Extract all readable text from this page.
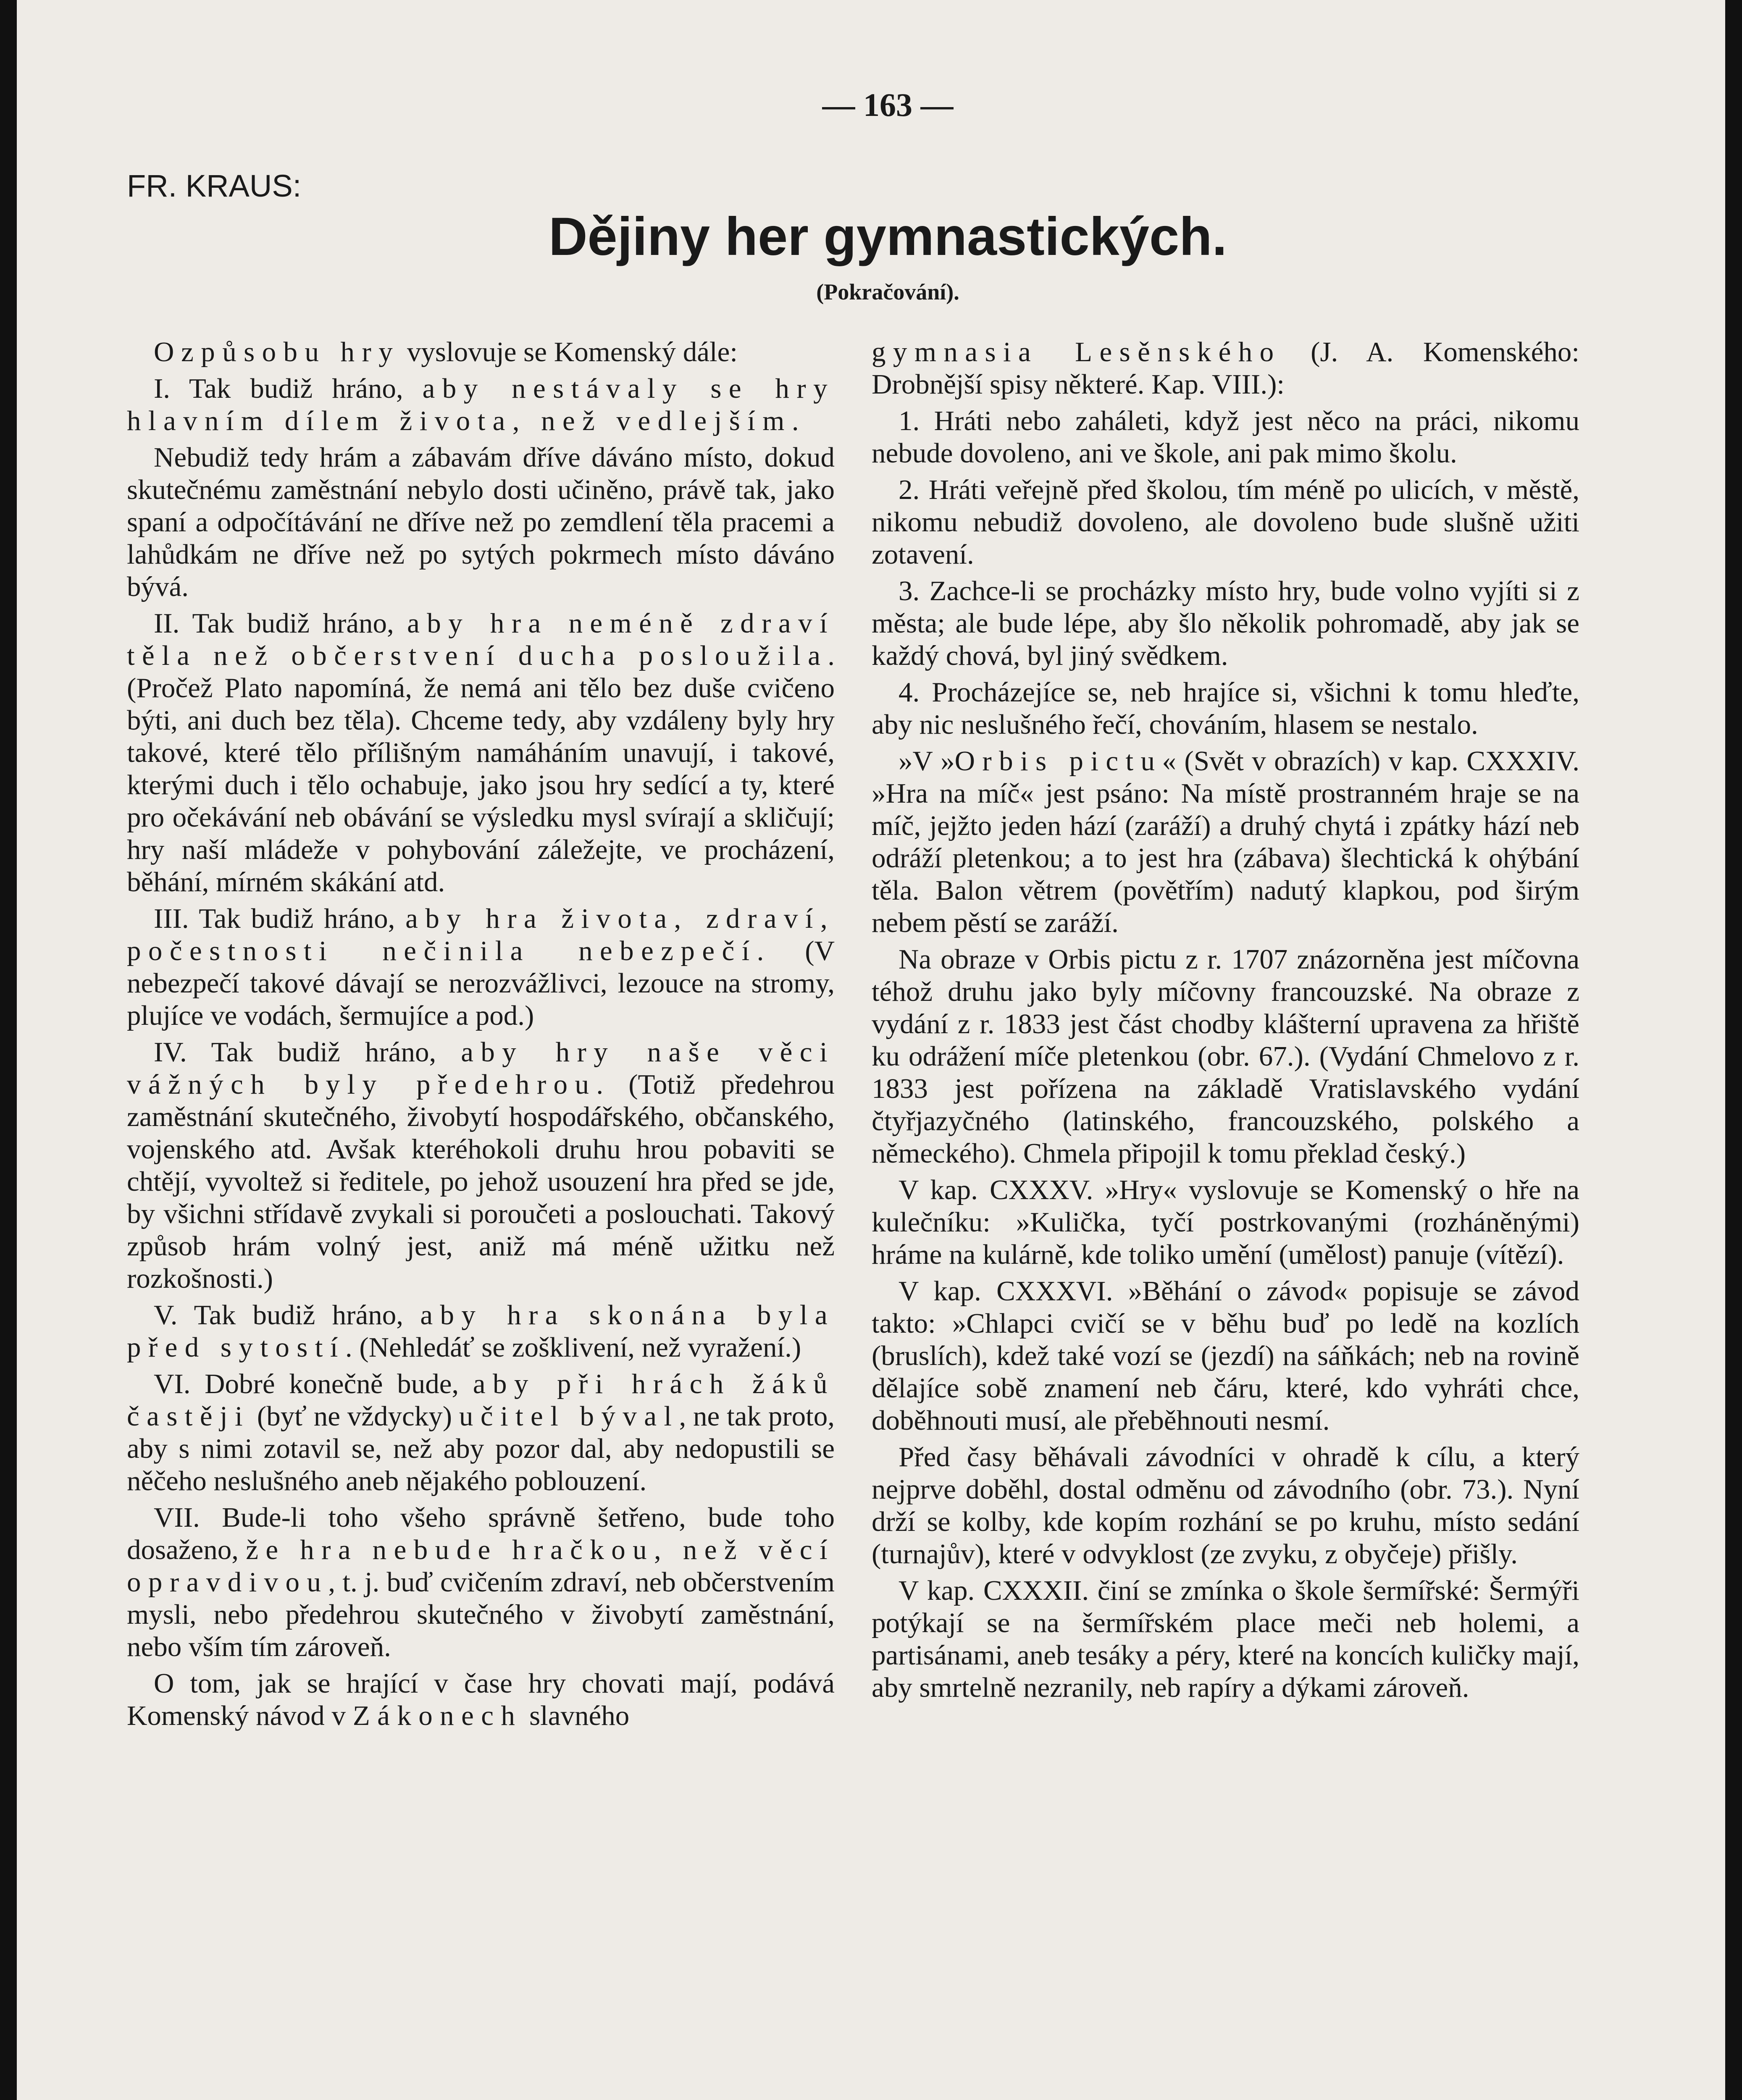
— 163 —
FR. KRAUS:
Dějiny her gymnastických.
(Pokračování).

O způsobu hry vyslovuje se Komenský dále:

I. Tak budiž hráno, aby nestávaly se hry hlavním dílem života, než vedlejším.

Nebudiž tedy hrám a zábavám dříve dáváno místo, dokud skutečnému zaměstnání nebylo dosti učiněno, právě tak, jako spaní a odpočítávání ne dříve než po zemdlení těla pracemi a lahůdkám ne dříve než po sytých pokrmech místo dáváno bývá.

II. Tak budiž hráno, aby hra neméně zdraví těla než občerstvení ducha posloužila. (Pročež Plato napomíná, že nemá ani tělo bez duše cvičeno býti, ani duch bez těla). Chceme tedy, aby vzdáleny byly hry takové, které tělo přílišným namáháním unavují, i takové, kterými duch i tělo ochabuje, jako jsou hry sedící a ty, které pro očekávání neb obávání se výsledku mysl svírají a skličují; hry naší mládeže v pohybování záležejte, ve procházení, běhání, mírném skákání atd.

III. Tak budiž hráno, aby hra života, zdraví, počestnosti nečinila nebezpečí. (V nebezpečí takové dávají se nerozvážlivci, lezouce na stromy, plujíce ve vodách, šermujíce a pod.)

IV. Tak budiž hráno, aby hry naše věci vážných byly předehrou. (Totiž předehrou zaměstnání skutečného, živobytí hospodářského, občanského, vojenského atd. Avšak kteréhokoli druhu hrou pobaviti se chtějí, vyvoltež si ředitele, po jehož usouzení hra před se jde, by všichni střídavě zvykali si poroučeti a poslouchati. Takový způsob hrám volný jest, aniž má méně užitku než rozkošnosti.)

V. Tak budiž hráno, aby hra skonána byla před sytostí. (Nehledáť se zošklivení, než vyražení.)

VI. Dobré konečně bude, aby při hrách žáků častěji (byť ne vždycky) učitel býval, ne tak proto, aby s nimi zotavil se, než aby pozor dal, aby nedopustili se něčeho neslušného aneb nějakého poblouzení.

VII. Bude-li toho všeho správně šetřeno, bude toho dosaženo, že hra nebude hračkou, než věcí opravdivou, t. j. buď cvičením zdraví, neb občerstvením mysli, nebo předehrou skutečného v živobytí zaměstnání, nebo vším tím zároveň.

O tom, jak se hrající v čase hry chovati mají, podává Komenský návod v Zákonech slavného

gymnasia Lesěnského (J. A. Komenského: Drobnější spisy některé. Kap. VIII.):

1. Hráti nebo zaháleti, když jest něco na práci, nikomu nebude dovoleno, ani ve škole, ani pak mimo školu.

2. Hráti veřejně před školou, tím méně po ulicích, v městě, nikomu nebudiž dovoleno, ale dovoleno bude slušně užiti zotavení.

3. Zachce-li se procházky místo hry, bude volno vyjíti si z města; ale bude lépe, aby šlo několik pohromadě, aby jak se každý chová, byl jiný svědkem.

4. Procházejíce se, neb hrajíce si, všichni k tomu hleďte, aby nic neslušného řečí, chováním, hlasem se nestalo.

»V »Orbis pictu« (Svět v obrazích) v kap. CXXXIV. »Hra na míč« jest psáno: Na místě prostranném hraje se na míč, jejžto jeden hází (zaráží) a druhý chytá i zpátky hází neb odráží pletenkou; a to jest hra (zábava) šlechtická k ohýbání těla. Balon větrem (povětřím) nadutý klapkou, pod širým nebem pěstí se zaráží.

Na obraze v Orbis pictu z r. 1707 znázorněna jest míčovna téhož druhu jako byly míčovny francouzské. Na obraze z vydání z r. 1833 jest část chodby klášterní upravena za hřiště ku odrážení míče pletenkou (obr. 67.). (Vydání Chmelovo z r. 1833 jest pořízena na základě Vratislavského vydání čtyřjazyčného (latinského, francouzského, polského a německého). Chmela připojil k tomu překlad český.)

V kap. CXXXV. »Hry« vyslovuje se Komenský o hře na kulečníku: »Kulička, tyčí postrkovanými (rozháněnými) hráme na kulárně, kde toliko umění (umělost) panuje (vítězí).

V kap. CXXXVI. »Běhání o závod« popisuje se závod takto: »Chlapci cvičí se v běhu buď po ledě na kozlích (bruslích), kdež také vozí se (jezdí) na sáňkách; neb na rovině dělajíce sobě znamení neb čáru, které, kdo vyhráti chce, doběhnouti musí, ale přeběhnouti nesmí.

Před časy běhávali závodníci v ohradě k cílu, a který nejprve doběhl, dostal odměnu od závodního (obr. 73.). Nyní drží se kolby, kde kopím rozhání se po kruhu, místo sedání (turnajův), které v odvyklost (ze zvyku, z obyčeje) přišly.

V kap. CXXXII. činí se zmínka o škole šermířské: Šermýři potýkají se na šermířském place meči neb holemi, a partisánami, aneb tesáky a péry, které na koncích kuličky mají, aby smrtelně nezranily, neb rapíry a dýkami zároveň.
